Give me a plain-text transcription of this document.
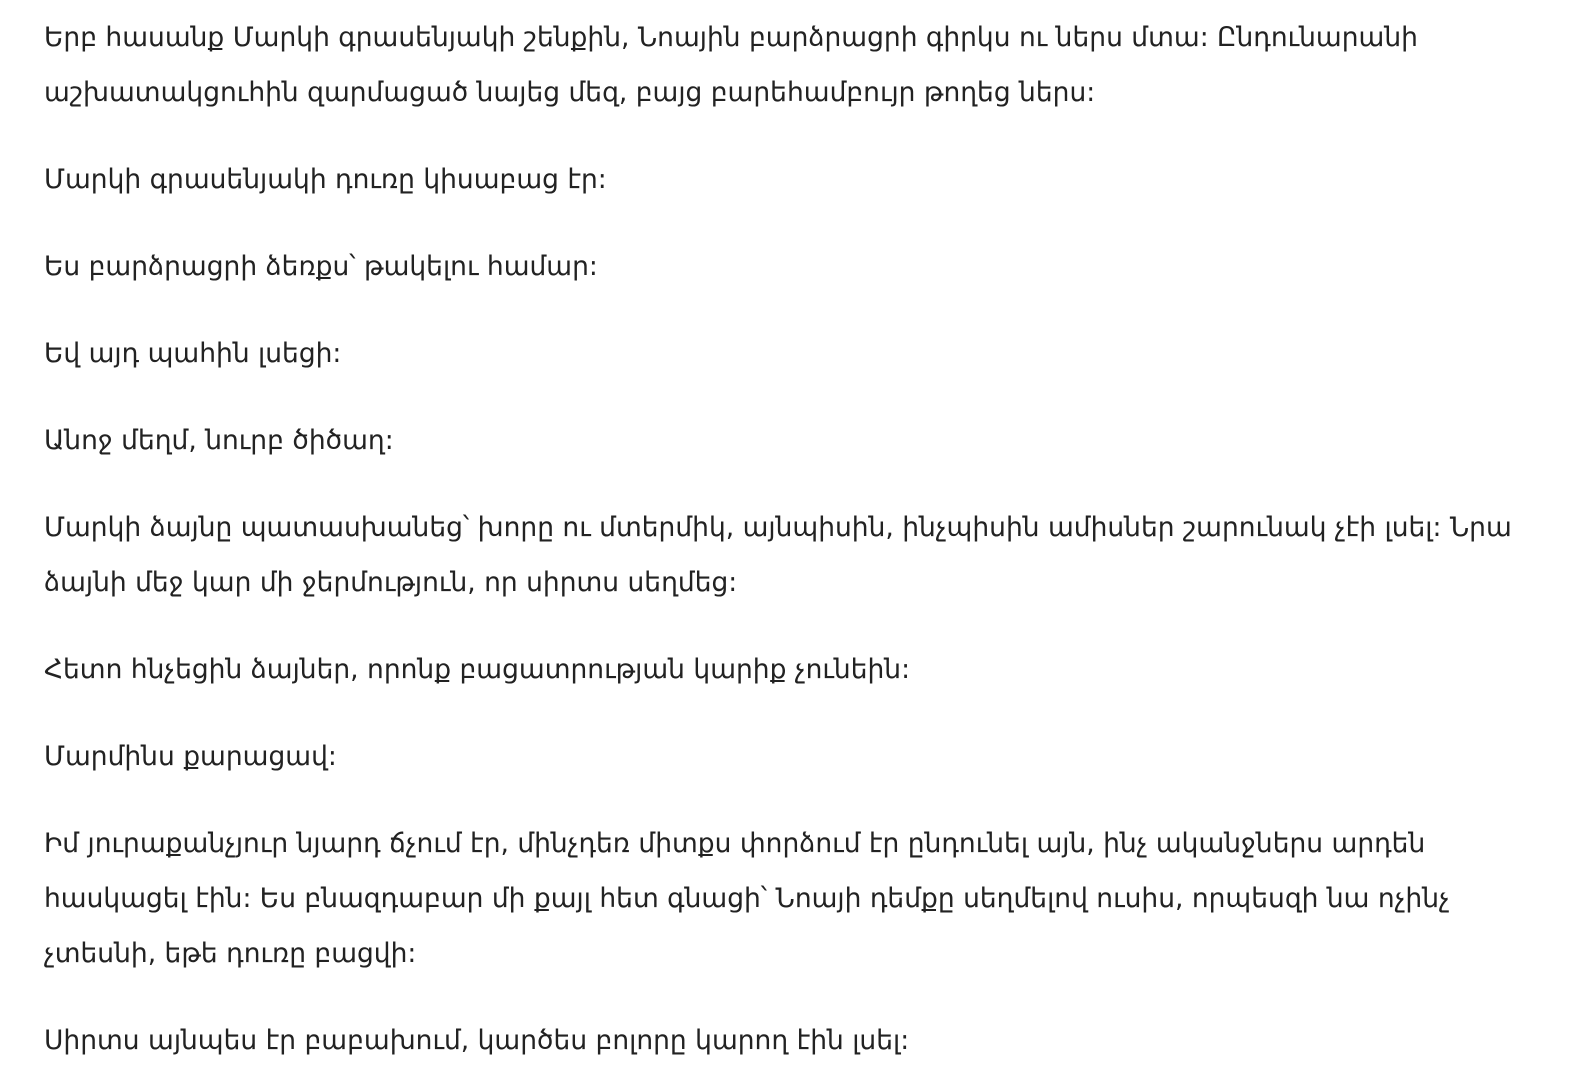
Երբ հասանք Մարկի գրասենյակի շենքին, Նոային բարձրացրի գիրկս ու ներս մտա: Ընդունարանի աշխատակցուհին զարմացած նայեց մեզ, բայց բարեհամբույր թողեց ներս:

Մարկի գրասենյակի դուռը կիսաբաց էր:

Ես բարձրացրի ձեռքս՝ թակելու համար:

Եվ այդ պահին լսեցի:

Անոջ մեղմ, նուրբ ծիծաղ:

Մարկի ձայնը պատասխանեց՝ խորը ու մտերմիկ, այնպիսին, ինչպիսին ամիսներ շարունակ չէի լսել: Նրա ձայնի մեջ կար մի ջերմություն, որ սիրտս սեղմեց:

Հետո հնչեցին ձայներ, որոնք բացատրության կարիք չունեին:

Մարմինս քարացավ:

Իմ յուրաքանչյուր նյարդ ճչում էր, մինչդեռ միտքս փորձում էր ընդունել այն, ինչ ականջներս արդեն հասկացել էին: Ես բնազդաբար մի քայլ հետ գնացի՝ Նոայի դեմքը սեղմելով ուսիս, որպեսզի նա ոչինչ չտեսնի, եթե դուռը բացվի:

Սիրտս այնպես էր բաբախում, կարծես բոլորը կարող էին լսել:
